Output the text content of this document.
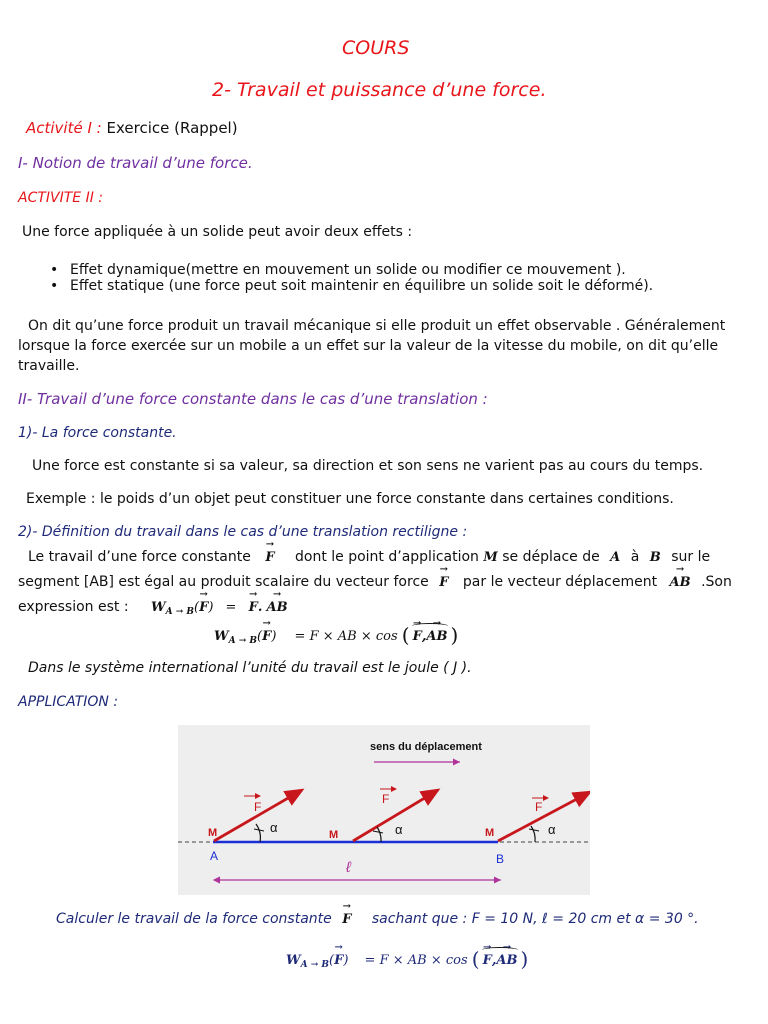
COURS
2- Travail et puissance d’une force.
Activité I : Exercice (Rappel)
I- Notion de travail d’une force.
ACTIVITE II :
Une force appliquée à un solide peut avoir deux effets :
• Effet dynamique(mettre en mouvement un solide ou modifier ce mouvement ).
• Effet statique (une force peut soit maintenir en équilibre un solide soit le déformé).
On dit qu’une force produit un travail mécanique si elle produit un effet observable . Généralement lorsque la force exercée sur un mobile a un effet sur la valeur de la vitesse du mobile, on dit qu’elle travaille.
II- Travail d’une force constante dans le cas d’une translation :
1)- La force constante.
Une force est constante si sa valeur, sa direction et son sens ne varient pas au cours du temps.
Exemple : le poids d’un objet peut constituer une force constante dans certaines conditions.
2)- Définition du travail dans le cas d’une translation rectiligne :
Le travail d’une force constante → F dont le point d’application M se déplace de A à B sur le
segment [AB] est égal au produit scalaire du vecteur force → F par le vecteur déplacement → AB .Son
expression est : $W_{A \to B}(\to F)$ = → F. → AB
$W_{A \to B}(\to F) = F$ × AB × cos ( → F,→ AB )
Dans le système international l’unité du travail est le joule ( J ).
APPLICATION :
sens du déplacement
F
F
F
M	M	M
α	α	α
A	B
ℓ
Calculer le travail de la force constante → F sachant que : F = 10 N, ℓ = 20 cm et α = 30 °.
$W_{A \to B}(\to F) = F$ × AB × cos ( → F,→ AB )
